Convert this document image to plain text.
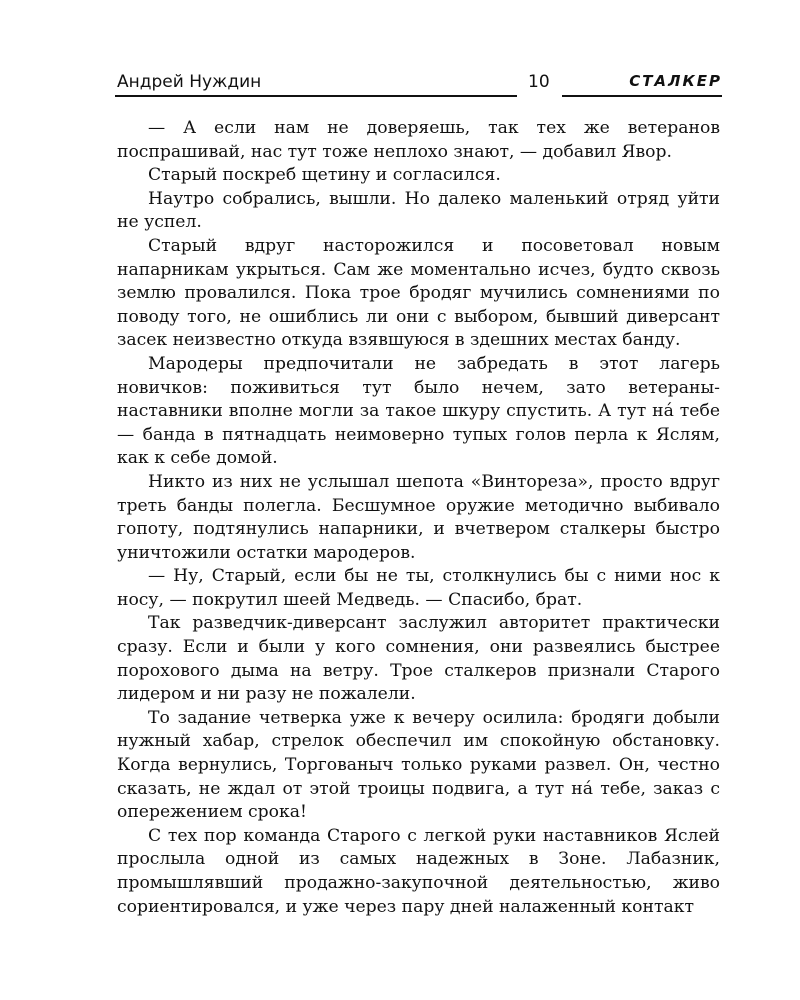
Андрей Нуждин	10	СТАЛКЕР

— А если нам не доверяешь, так тех же ветеранов поспрашивай, нас тут тоже неплохо знают, — добавил Явор.

Старый поскреб щетину и согласился.

Наутро собрались, вышли. Но далеко маленький отряд уйти не успел.

Старый вдруг насторожился и посоветовал новым напарникам укрыться. Сам же моментально исчез, будто сквозь землю провалился. Пока трое бродяг мучились сомнениями по поводу того, не ошиблись ли они с выбором, бывший диверсант засек неизвестно откуда взявшуюся в здешних местах банду.

Мародеры предпочитали не забредать в этот лагерь новичков: поживиться тут было нечем, зато ветераны-наставники вполне могли за такое шкуру спустить. А тут нá тебе — банда в пятнадцать неимоверно тупых голов перла к Яслям, как к себе домой.

Никто из них не услышал шепота «Винтореза», просто вдруг треть банды полегла. Бесшумное оружие методично выбивало гопоту, подтянулись напарники, и вчетвером сталкеры быстро уничтожили остатки мародеров.

— Ну, Старый, если бы не ты, столкнулись бы с ними нос к носу, — покрутил шеей Медведь. — Спасибо, брат.

Так разведчик-диверсант заслужил авторитет практически сразу. Если и были у кого сомнения, они развеялись быстрее порохового дыма на ветру. Трое сталкеров признали Старого лидером и ни разу не пожалели.

То задание четверка уже к вечеру осилила: бродяги добыли нужный хабар, стрелок обеспечил им спокойную обстановку. Когда вернулись, Торгованыч только руками развел. Он, честно сказать, не ждал от этой троицы подвига, а тут нá тебе, заказ с опережением срока!

С тех пор команда Старого с легкой руки наставников Яслей прослыла одной из самых надежных в Зоне. Лабазник, промышлявший продажно-закупочной деятельностью, живо сориентировался, и уже через пару дней налаженный контакт
